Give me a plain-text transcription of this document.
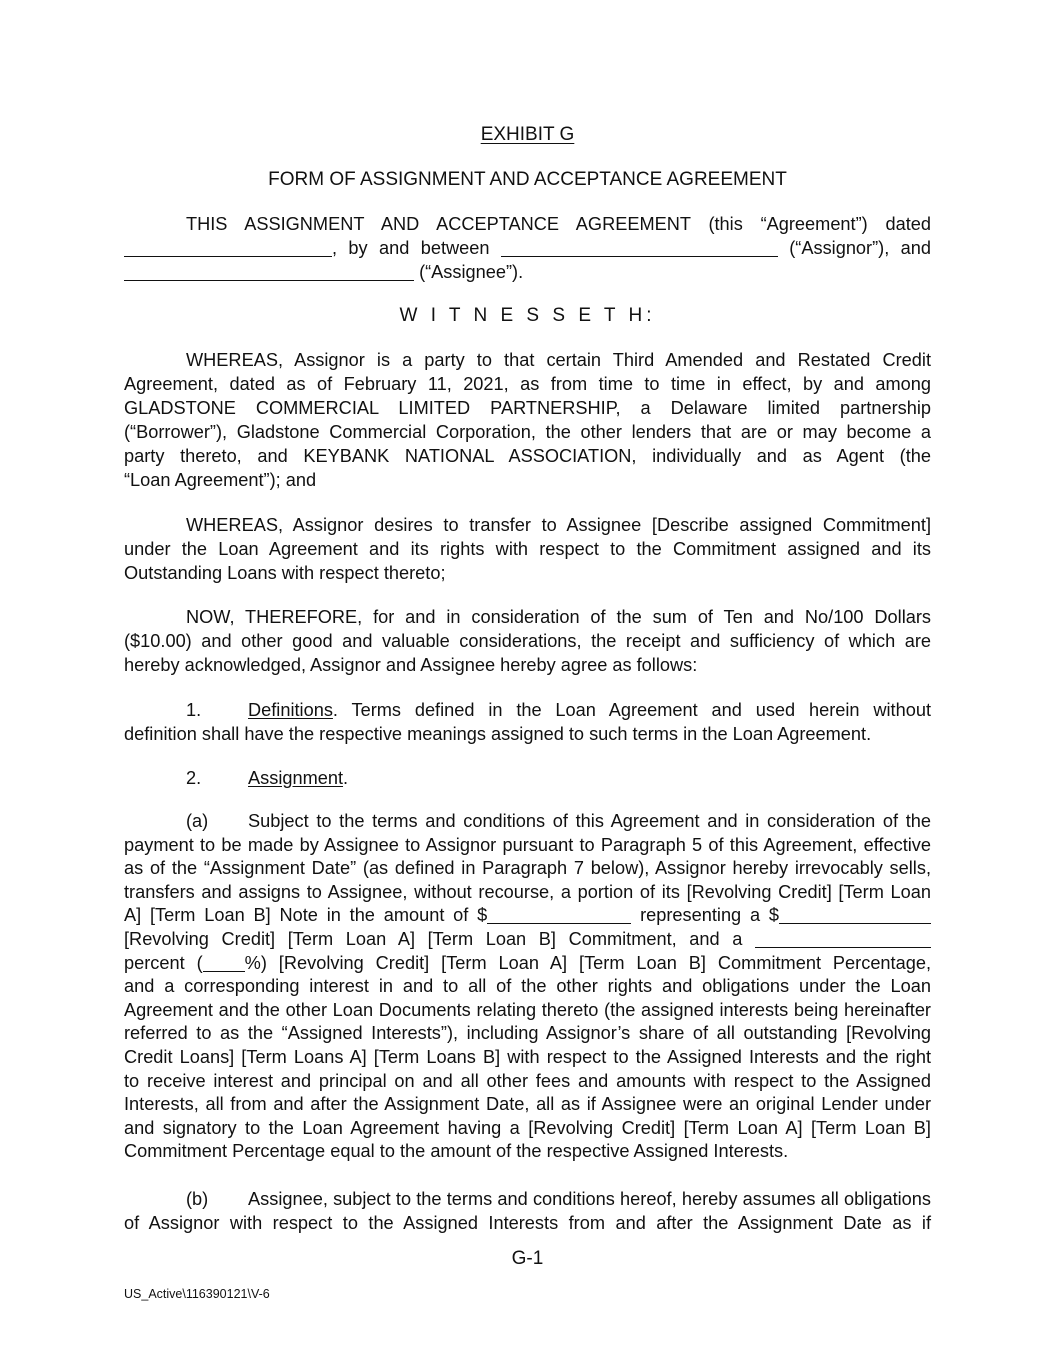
EXHIBIT G
FORM OF ASSIGNMENT AND ACCEPTANCE AGREEMENT
THIS ASSIGNMENT AND ACCEPTANCE AGREEMENT (this “Agreement”) dated
, by and between	(“Assignor”), and
(“Assignee”).
W I T N E S S E T H:
WHEREAS, Assignor is a party to that certain Third Amended and Restated Credit
Agreement, dated as of February 11, 2021, as from time to time in effect, by and among
GLADSTONE COMMERCIAL LIMITED PARTNERSHIP, a Delaware limited partnership
(“Borrower”), Gladstone Commercial Corporation, the other lenders that are or may become a
party thereto, and KEYBANK NATIONAL ASSOCIATION, individually and as Agent (the
“Loan Agreement”); and
WHEREAS, Assignor desires to transfer to Assignee [Describe assigned Commitment]
under the Loan Agreement and its rights with respect to the Commitment assigned and its
Outstanding Loans with respect thereto;
NOW, THEREFORE, for and in consideration of the sum of Ten and No/100 Dollars
($10.00) and other good and valuable considerations, the receipt and sufficiency of which are
hereby acknowledged, Assignor and Assignee hereby agree as follows:
1.	Definitions. Terms defined in the Loan Agreement and used herein without
definition shall have the respective meanings assigned to such terms in the Loan Agreement.
2.	Assignment.
(a) Subject to the terms and conditions of this Agreement and in consideration of the
payment to be made by Assignee to Assignor pursuant to Paragraph 5 of this Agreement, effective
as of the “Assignment Date” (as defined in Paragraph 7 below), Assignor hereby irrevocably sells,
transfers and assigns to Assignee, without recourse, a portion of its [Revolving Credit] [Term Loan
A] [Term Loan B] Note in the amount of $	representing a $
[Revolving Credit] [Term Loan A] [Term Loan B] Commitment, and a
percent ( %) [Revolving Credit] [Term Loan A] [Term Loan B] Commitment Percentage,
and a corresponding interest in and to all of the other rights and obligations under the Loan
Agreement and the other Loan Documents relating thereto (the assigned interests being hereinafter
referred to as the “Assigned Interests”), including Assignor’s share of all outstanding [Revolving
Credit Loans] [Term Loans A] [Term Loans B] with respect to the Assigned Interests and the right
to receive interest and principal on and all other fees and amounts with respect to the Assigned
Interests, all from and after the Assignment Date, all as if Assignee were an original Lender under
and signatory to the Loan Agreement having a [Revolving Credit] [Term Loan A] [Term Loan B]
Commitment Percentage equal to the amount of the respective Assigned Interests.
(b) Assignee, subject to the terms and conditions hereof, hereby assumes all obligations
of Assignor with respect to the Assigned Interests from and after the Assignment Date as if
G-1
US_Active\116390121\V-6
